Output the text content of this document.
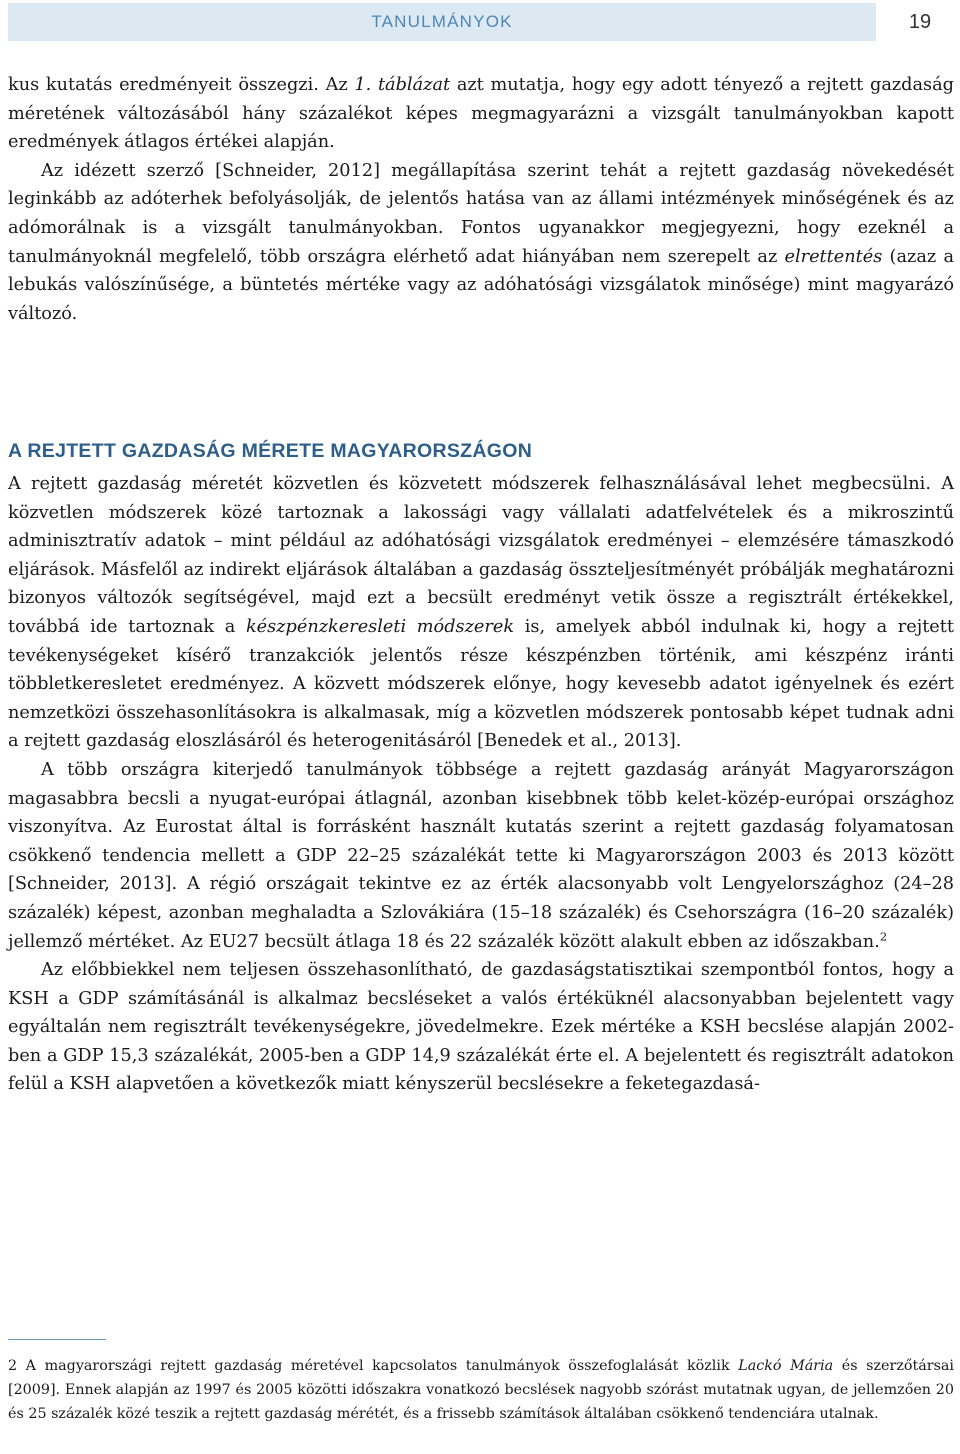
TANULMÁNYOK	19

kus kutatás eredményeit összegzi. Az 1. táblázat azt mutatja, hogy egy adott tényező a rejtett gazdaság méretének változásából hány százalékot képes megmagyarázni a vizsgált tanulmányokban kapott eredmények átlagos értékei alapján.

Az idézett szerző [Schneider, 2012] megállapítása szerint tehát a rejtett gazdaság növekedését leginkább az adóterhek befolyásolják, de jelentős hatása van az állami intézmények minőségének és az adómorálnak is a vizsgált tanulmányokban. Fontos ugyanakkor megjegyezni, hogy ezeknél a tanulmányoknál megfelelő, több országra elérhető adat hiányában nem szerepelt az elrettentés (azaz a lebukás valószínűsége, a büntetés mértéke vagy az adóhatósági vizsgálatok minősége) mint magyarázó változó.

A REJTETT GAZDASÁG MÉRETE MAGYARORSZÁGON

A rejtett gazdaság méretét közvetlen és közvetett módszerek felhasználásával lehet megbecsülni. A közvetlen módszerek közé tartoznak a lakossági vagy vállalati adatfelvételek és a mikroszintű adminisztratív adatok – mint például az adóhatósági vizsgálatok eredményei – elemzésére támaszkodó eljárások. Másfelől az indirekt eljárások általában a gazdaság összteljesítményét próbálják meghatározni bizonyos változók segítségével, majd ezt a becsült eredményt vetik össze a regisztrált értékekkel, továbbá ide tartoznak a készpénzkeresleti módszerek is, amelyek abból indulnak ki, hogy a rejtett tevékenységeket kísérő tranzakciók jelentős része készpénzben történik, ami készpénz iránti többletkeresletet eredményez. A közvett módszerek előnye, hogy kevesebb adatot igényelnek és ezért nemzetközi összehasonlításokra is alkalmasak, míg a közvetlen módszerek pontosabb képet tudnak adni a rejtett gazdaság eloszlásáról és heterogenitásáról [Benedek et al., 2013].

A több országra kiterjedő tanulmányok többsége a rejtett gazdaság arányát Magyarországon magasabbra becsli a nyugat-európai átlagnál, azonban kisebbnek több kelet-közép-európai országhoz viszonyítva. Az Eurostat által is forrásként használt kutatás szerint a rejtett gazdaság folyamatosan csökkenő tendencia mellett a GDP 22–25 százalékát tette ki Magyarországon 2003 és 2013 között [Schneider, 2013]. A régió országait tekintve ez az érték alacsonyabb volt Lengyelországhoz (24–28 százalék) képest, azonban meghaladta a Szlovákiára (15–18 százalék) és Csehországra (16–20 százalék) jellemző mértéket. Az EU27 becsült átlaga 18 és 22 százalék között alakult ebben az időszakban.$^2$

Az előbbiekkel nem teljesen összehasonlítható, de gazdaságstatisztikai szempontból fontos, hogy a KSH a GDP számításánál is alkalmaz becsléseket a valós értéküknél alacsonyabban bejelentett vagy egyáltalán nem regisztrált tevékenységekre, jövedelmekre. Ezek mértéke a KSH becslése alapján 2002-ben a GDP 15,3 százalékát, 2005-ben a GDP 14,9 százalékát érte el. A bejelentett és regisztrált adatokon felül a KSH alapvetően a következők miatt kényszerül becslésekre a feketegazdasá-

2 A magyarországi rejtett gazdaság méretével kapcsolatos tanulmányok összefoglalását közlik Lackó Mária és szerzőtársai [2009]. Ennek alapján az 1997 és 2005 közötti időszakra vonatkozó becslések nagyobb szórást mutatnak ugyan, de jellemzően 20 és 25 százalék közé teszik a rejtett gazdaság mérétét, és a frissebb számítások általában csökkenő tendenciára utalnak.
